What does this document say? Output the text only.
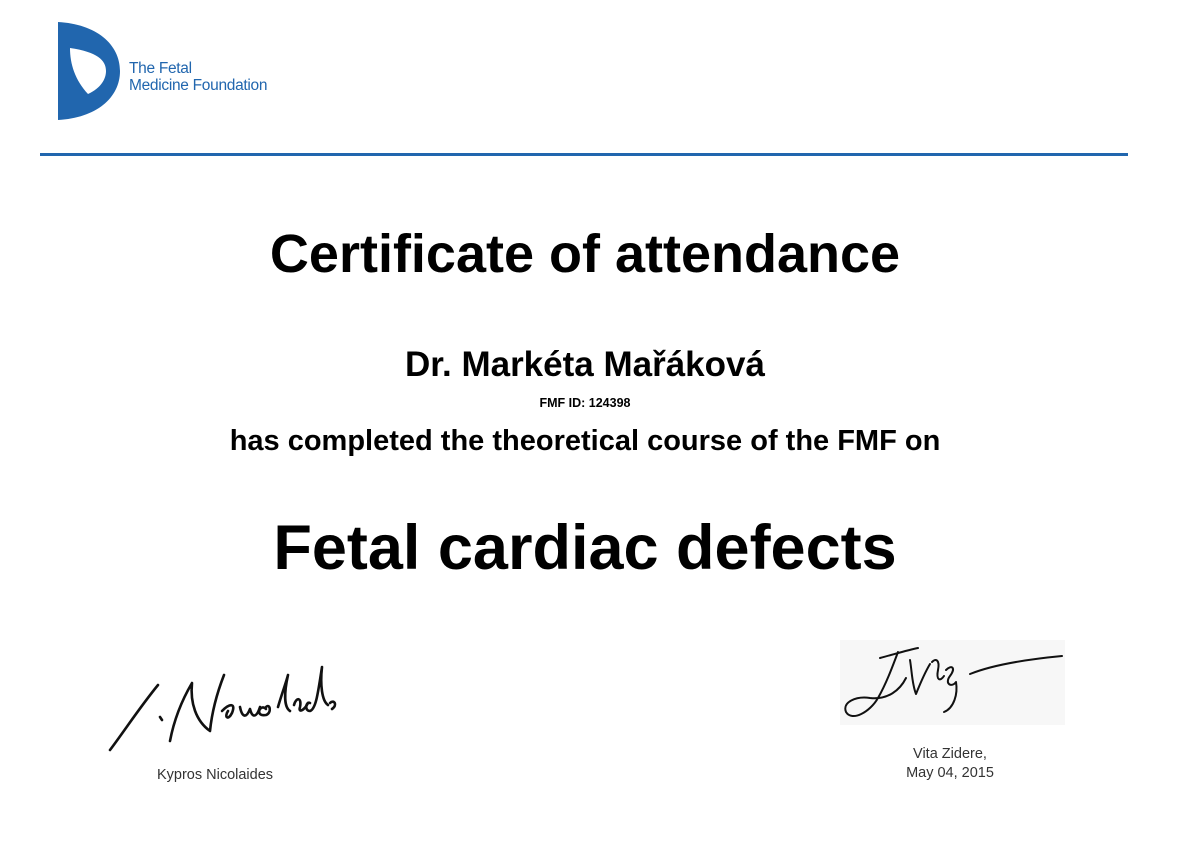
The Fetal
Medicine Foundation
Certificate of attendance
Dr. Markéta Mařáková
FMF ID: 124398
has completed the theoretical course of the FMF on
Fetal cardiac defects
Kypros Nicolaides
Vita Zidere,
May 04, 2015
